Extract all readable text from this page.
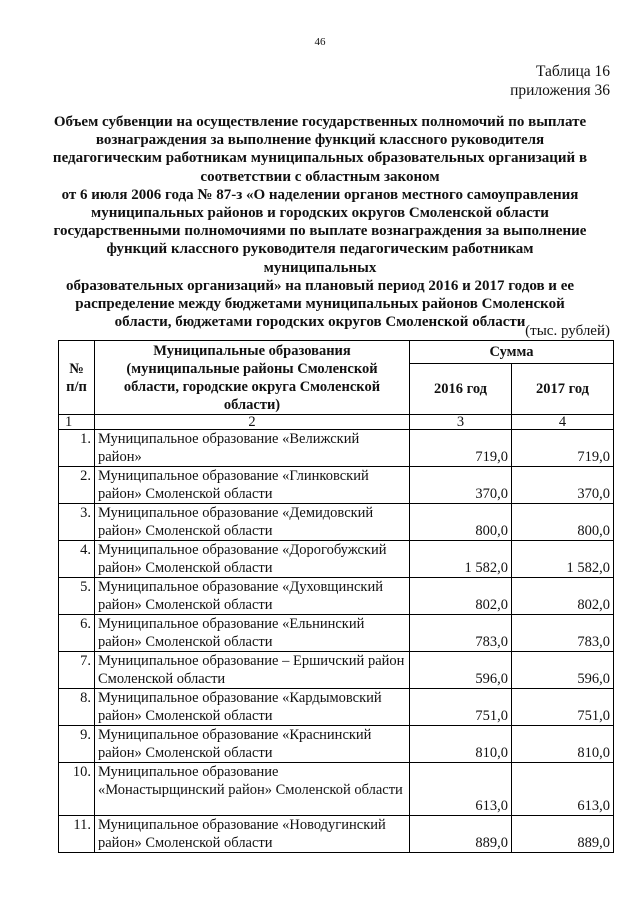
46
Таблица 16
приложения 36
Объем субвенции на осуществление государственных полномочий по выплате
вознаграждения за выполнение функций классного руководителя
педагогическим работникам муниципальных образовательных организаций в
соответствии с областным законом
от 6 июля 2006 года № 87-з «О наделении органов местного самоуправления
муниципальных районов и городских округов Смоленской области
государственными полномочиями по выплате вознаграждения за выполнение
функций классного руководителя педагогическим работникам муниципальных
образовательных организаций» на плановый период 2016 и 2017 годов и ее
распределение между бюджетами муниципальных районов Смоленской
области, бюджетами городских округов Смоленской области
(тыс. рублей)
№ п/п	Муниципальные образования (муниципальные районы Смоленской области, городские округа Смоленской области)	Сумма	
		2016 год	2017 год
1	2	3	4
1.	Муниципальное образование «Велижский район»	719,0	719,0
2.	Муниципальное образование «Глинковский район» Смоленской области	370,0	370,0
3.	Муниципальное образование «Демидовский район» Смоленской области	800,0	800,0
4.	Муниципальное образование «Дорогобужский район» Смоленской области	1 582,0	1 582,0
5.	Муниципальное образование «Духовщинский район» Смоленской области	802,0	802,0
6.	Муниципальное образование «Ельнинский район» Смоленской области	783,0	783,0
7.	Муниципальное образование – Ершичский район Смоленской области	596,0	596,0
8.	Муниципальное образование «Кардымовский район» Смоленской области	751,0	751,0
9.	Муниципальное образование «Краснинский район» Смоленской области	810,0	810,0
10.	Муниципальное образование «Монастырщинский район» Смоленской области	613,0	613,0
11.	Муниципальное образование «Новодугинский район» Смоленской области	889,0	889,0
